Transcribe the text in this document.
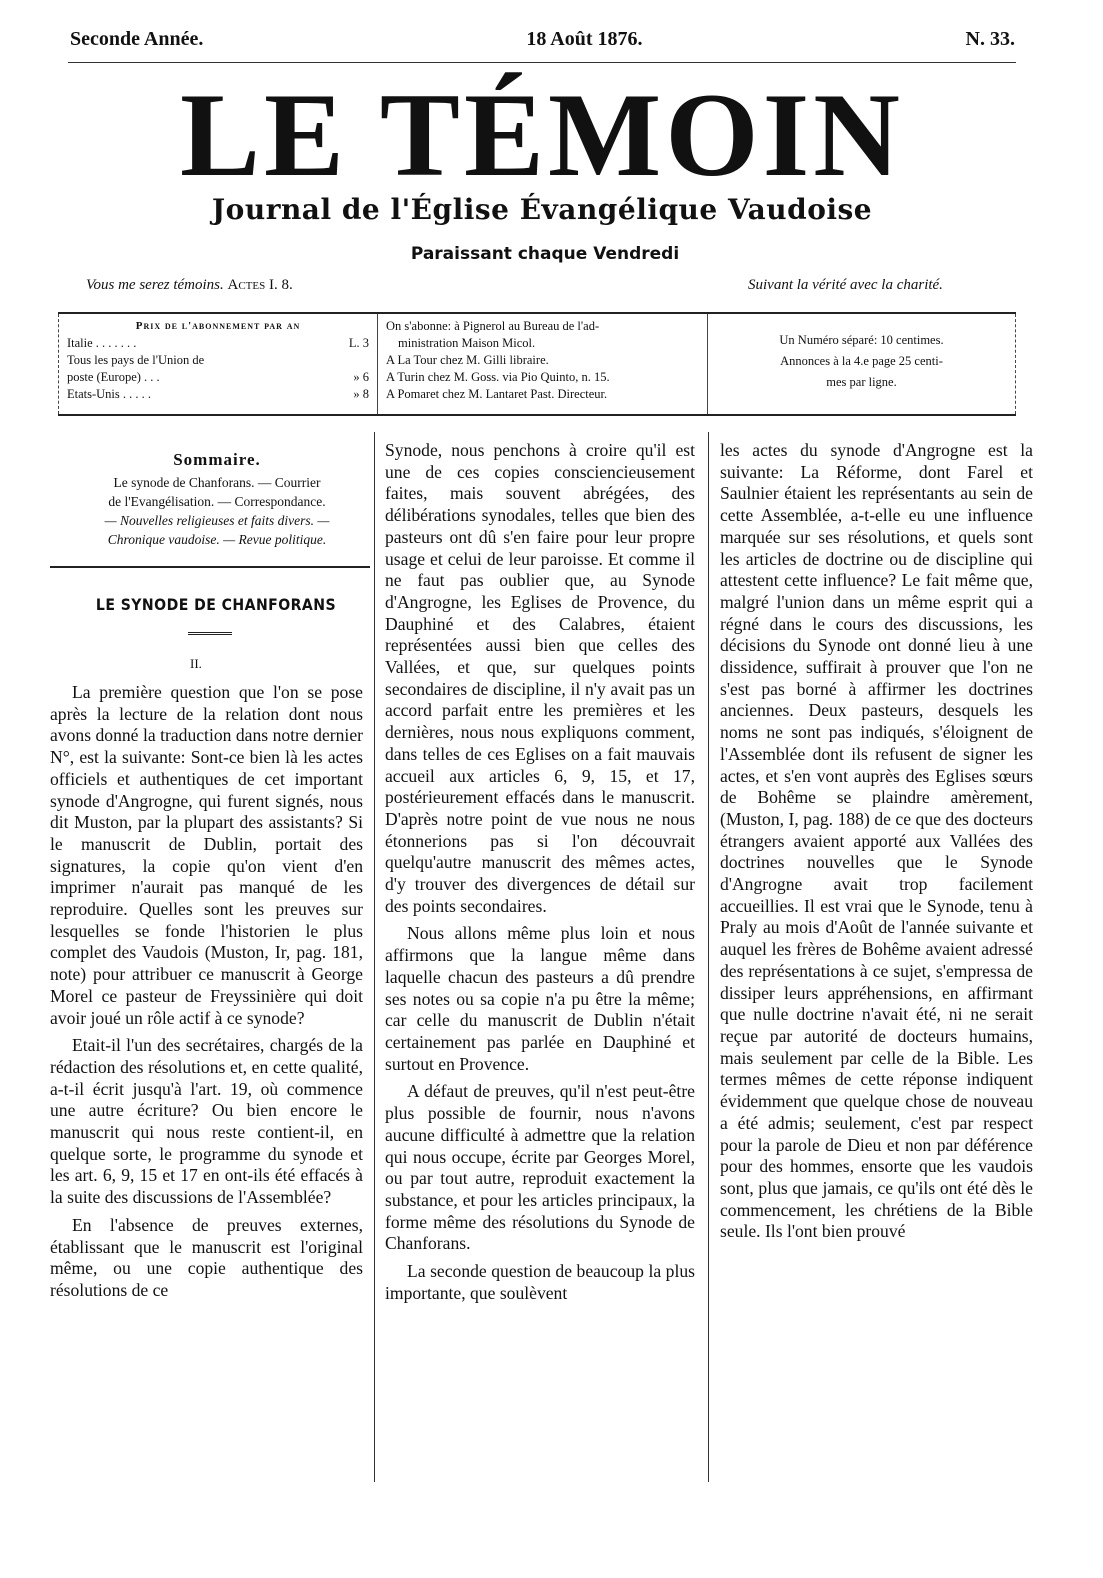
Seconde Année.	18 Août 1876.	N. 33.
LE TÉMOIN
Journal de l'Église Évangélique Vaudoise
Paraissant chaque Vendredi
Vous me serez témoins. Actes I. 8.	Suivant la vérité avec la charité.
Prix de l'abonnement par an
Italie . . . . . . .	L. 3
Tous les pays de l'Union de
poste (Europe) . . .	» 6
Etats-Unis . . . . .	» 8
On s'abonne: à Pignerol au Bureau de l'ad-
ministration Maison Micol.
A La Tour chez M. Gilli libraire.
A Turin chez M. Goss. via Pio Quinto, n. 15.
A Pomaret chez M. Lantaret Past. Directeur.
Un Numéro séparé: 10 centimes.
Annonces à la 4.e page 25 centi-
mes par ligne.
Sommaire.
Le synode de Chanforans. — Courrier
de l'Evangélisation. — Correspondance.
— Nouvelles religieuses et faits divers. —
Chronique vaudoise. — Revue politique.
LE SYNODE DE CHANFORANS
II.

La première question que l'on se pose après la lecture de la relation dont nous avons donné la traduction dans notre dernier N°, est la suivante: Sont-ce bien là les actes officiels et authentiques de cet important synode d'Angrogne, qui furent signés, nous dit Muston, par la plupart des assistants? Si le manuscrit de Dublin, portait des signatures, la copie qu'on vient d'en imprimer n'aurait pas manqué de les reproduire. Quelles sont les preuves sur lesquelles se fonde l'historien le plus complet des Vaudois (Muston, Ir, pag. 181, note) pour attribuer ce manuscrit à George Morel ce pasteur de Freyssinière qui doit avoir joué un rôle actif à ce synode?

Etait-il l'un des secrétaires, chargés de la rédaction des résolutions et, en cette qualité, a-t-il écrit jusqu'à l'art. 19, où commence une autre écriture? Ou bien encore le manuscrit qui nous reste contient-il, en quelque sorte, le programme du synode et les art. 6, 9, 15 et 17 en ont-ils été effacés à la suite des discussions de l'Assemblée?

En l'absence de preuves externes, établissant que le manuscrit est l'original même, ou une copie authentique des résolutions de ce

Synode, nous penchons à croire qu'il est une de ces copies consciencieusement faites, mais souvent abrégées, des délibérations synodales, telles que bien des pasteurs ont dû s'en faire pour leur propre usage et celui de leur paroisse. Et comme il ne faut pas oublier que, au Synode d'Angrogne, les Eglises de Provence, du Dauphiné et des Calabres, étaient représentées aussi bien que celles des Vallées, et que, sur quelques points secondaires de discipline, il n'y avait pas un accord parfait entre les premières et les dernières, nous nous expliquons comment, dans telles de ces Eglises on a fait mauvais accueil aux articles 6, 9, 15, et 17, postérieurement effacés dans le manuscrit. D'après notre point de vue nous ne nous étonnerions pas si l'on découvrait quelqu'autre manuscrit des mêmes actes, d'y trouver des divergences de détail sur des points secondaires.

Nous allons même plus loin et nous affirmons que la langue même dans laquelle chacun des pasteurs a dû prendre ses notes ou sa copie n'a pu être la même; car celle du manuscrit de Dublin n'était certainement pas parlée en Dauphiné et surtout en Provence.

A défaut de preuves, qu'il n'est peut-être plus possible de fournir, nous n'avons aucune difficulté à admettre que la relation qui nous occupe, écrite par Georges Morel, ou par tout autre, reproduit exactement la substance, et pour les articles principaux, la forme même des résolutions du Synode de Chanforans.

La seconde question de beaucoup la plus importante, que soulèvent

les actes du synode d'Angrogne est la suivante: La Réforme, dont Farel et Saulnier étaient les représentants au sein de cette Assemblée, a-t-elle eu une influence marquée sur ses résolutions, et quels sont les articles de doctrine ou de discipline qui attestent cette influence? Le fait même que, malgré l'union dans un même esprit qui a régné dans le cours des discussions, les décisions du Synode ont donné lieu à une dissidence, suffirait à prouver que l'on ne s'est pas borné à affirmer les doctrines anciennes. Deux pasteurs, desquels les noms ne sont pas indiqués, s'éloignent de l'Assemblée dont ils refusent de signer les actes, et s'en vont auprès des Eglises sœurs de Bohême se plaindre amèrement, (Muston, I, pag. 188) de ce que des docteurs étrangers avaient apporté aux Vallées des doctrines nouvelles que le Synode d'Angrogne avait trop facilement accueillies. Il est vrai que le Synode, tenu à Praly au mois d'Août de l'année suivante et auquel les frères de Bohême avaient adressé des représentations à ce sujet, s'empressa de dissiper leurs appréhensions, en affirmant que nulle doctrine n'avait été, ni ne serait reçue par autorité de docteurs humains, mais seulement par celle de la Bible. Les termes mêmes de cette réponse indiquent évidemment que quelque chose de nouveau a été admis; seulement, c'est par respect pour la parole de Dieu et non par déférence pour des hommes, ensorte que les vaudois sont, plus que jamais, ce qu'ils ont été dès le commencement, les chrétiens de la Bible seule. Ils l'ont bien prouvé
